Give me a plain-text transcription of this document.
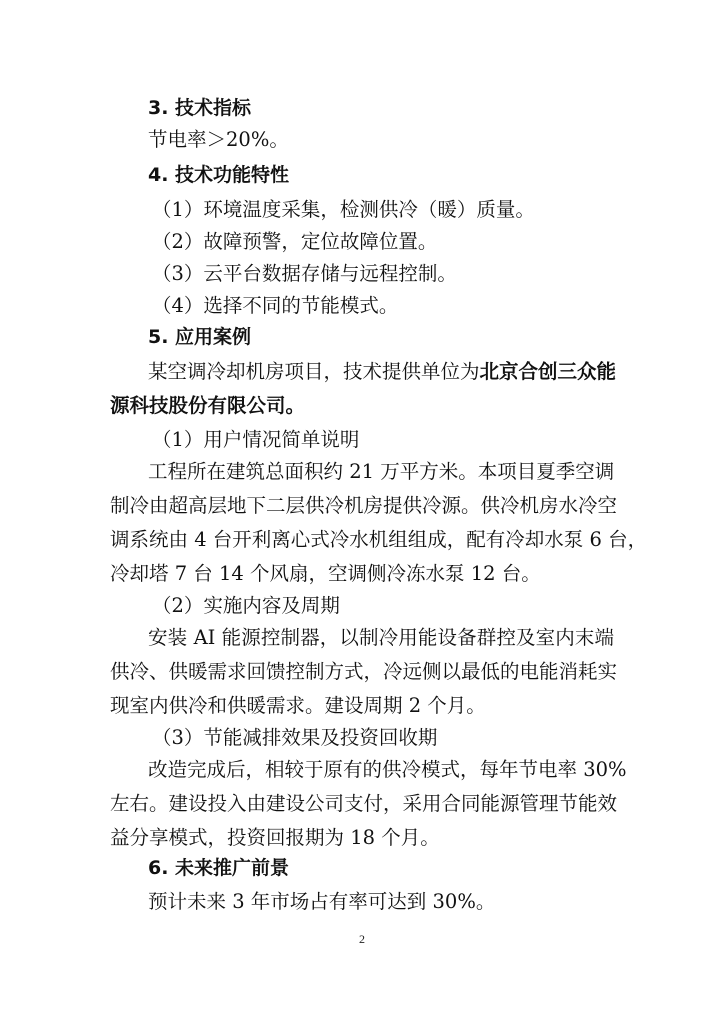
3. 技术指标
节电率＞20%。
4. 技术功能特性
（1）环境温度采集，检测供冷（暖）质量。
（2）故障预警，定位故障位置。
（3）云平台数据存储与远程控制。
（4）选择不同的节能模式。
5. 应用案例
某空调冷却机房项目，技术提供单位为北京合创三众能
源科技股份有限公司。
（1）用户情况简单说明
工程所在建筑总面积约 21 万平方米。本项目夏季空调
制冷由超高层地下二层供冷机房提供冷源。供冷机房水冷空
调系统由 4 台开利离心式冷水机组组成，配有冷却水泵 6 台，
冷却塔 7 台 14 个风扇，空调侧冷冻水泵 12 台。
（2）实施内容及周期
安装 AI 能源控制器，以制冷用能设备群控及室内末端
供冷、供暖需求回馈控制方式，冷远侧以最低的电能消耗实
现室内供冷和供暖需求。建设周期 2 个月。
（3）节能减排效果及投资回收期
改造完成后，相较于原有的供冷模式，每年节电率 30%
左右。建设投入由建设公司支付，采用合同能源管理节能效
益分享模式，投资回报期为 18 个月。
6. 未来推广前景
预计未来 3 年市场占有率可达到 30%。
2
